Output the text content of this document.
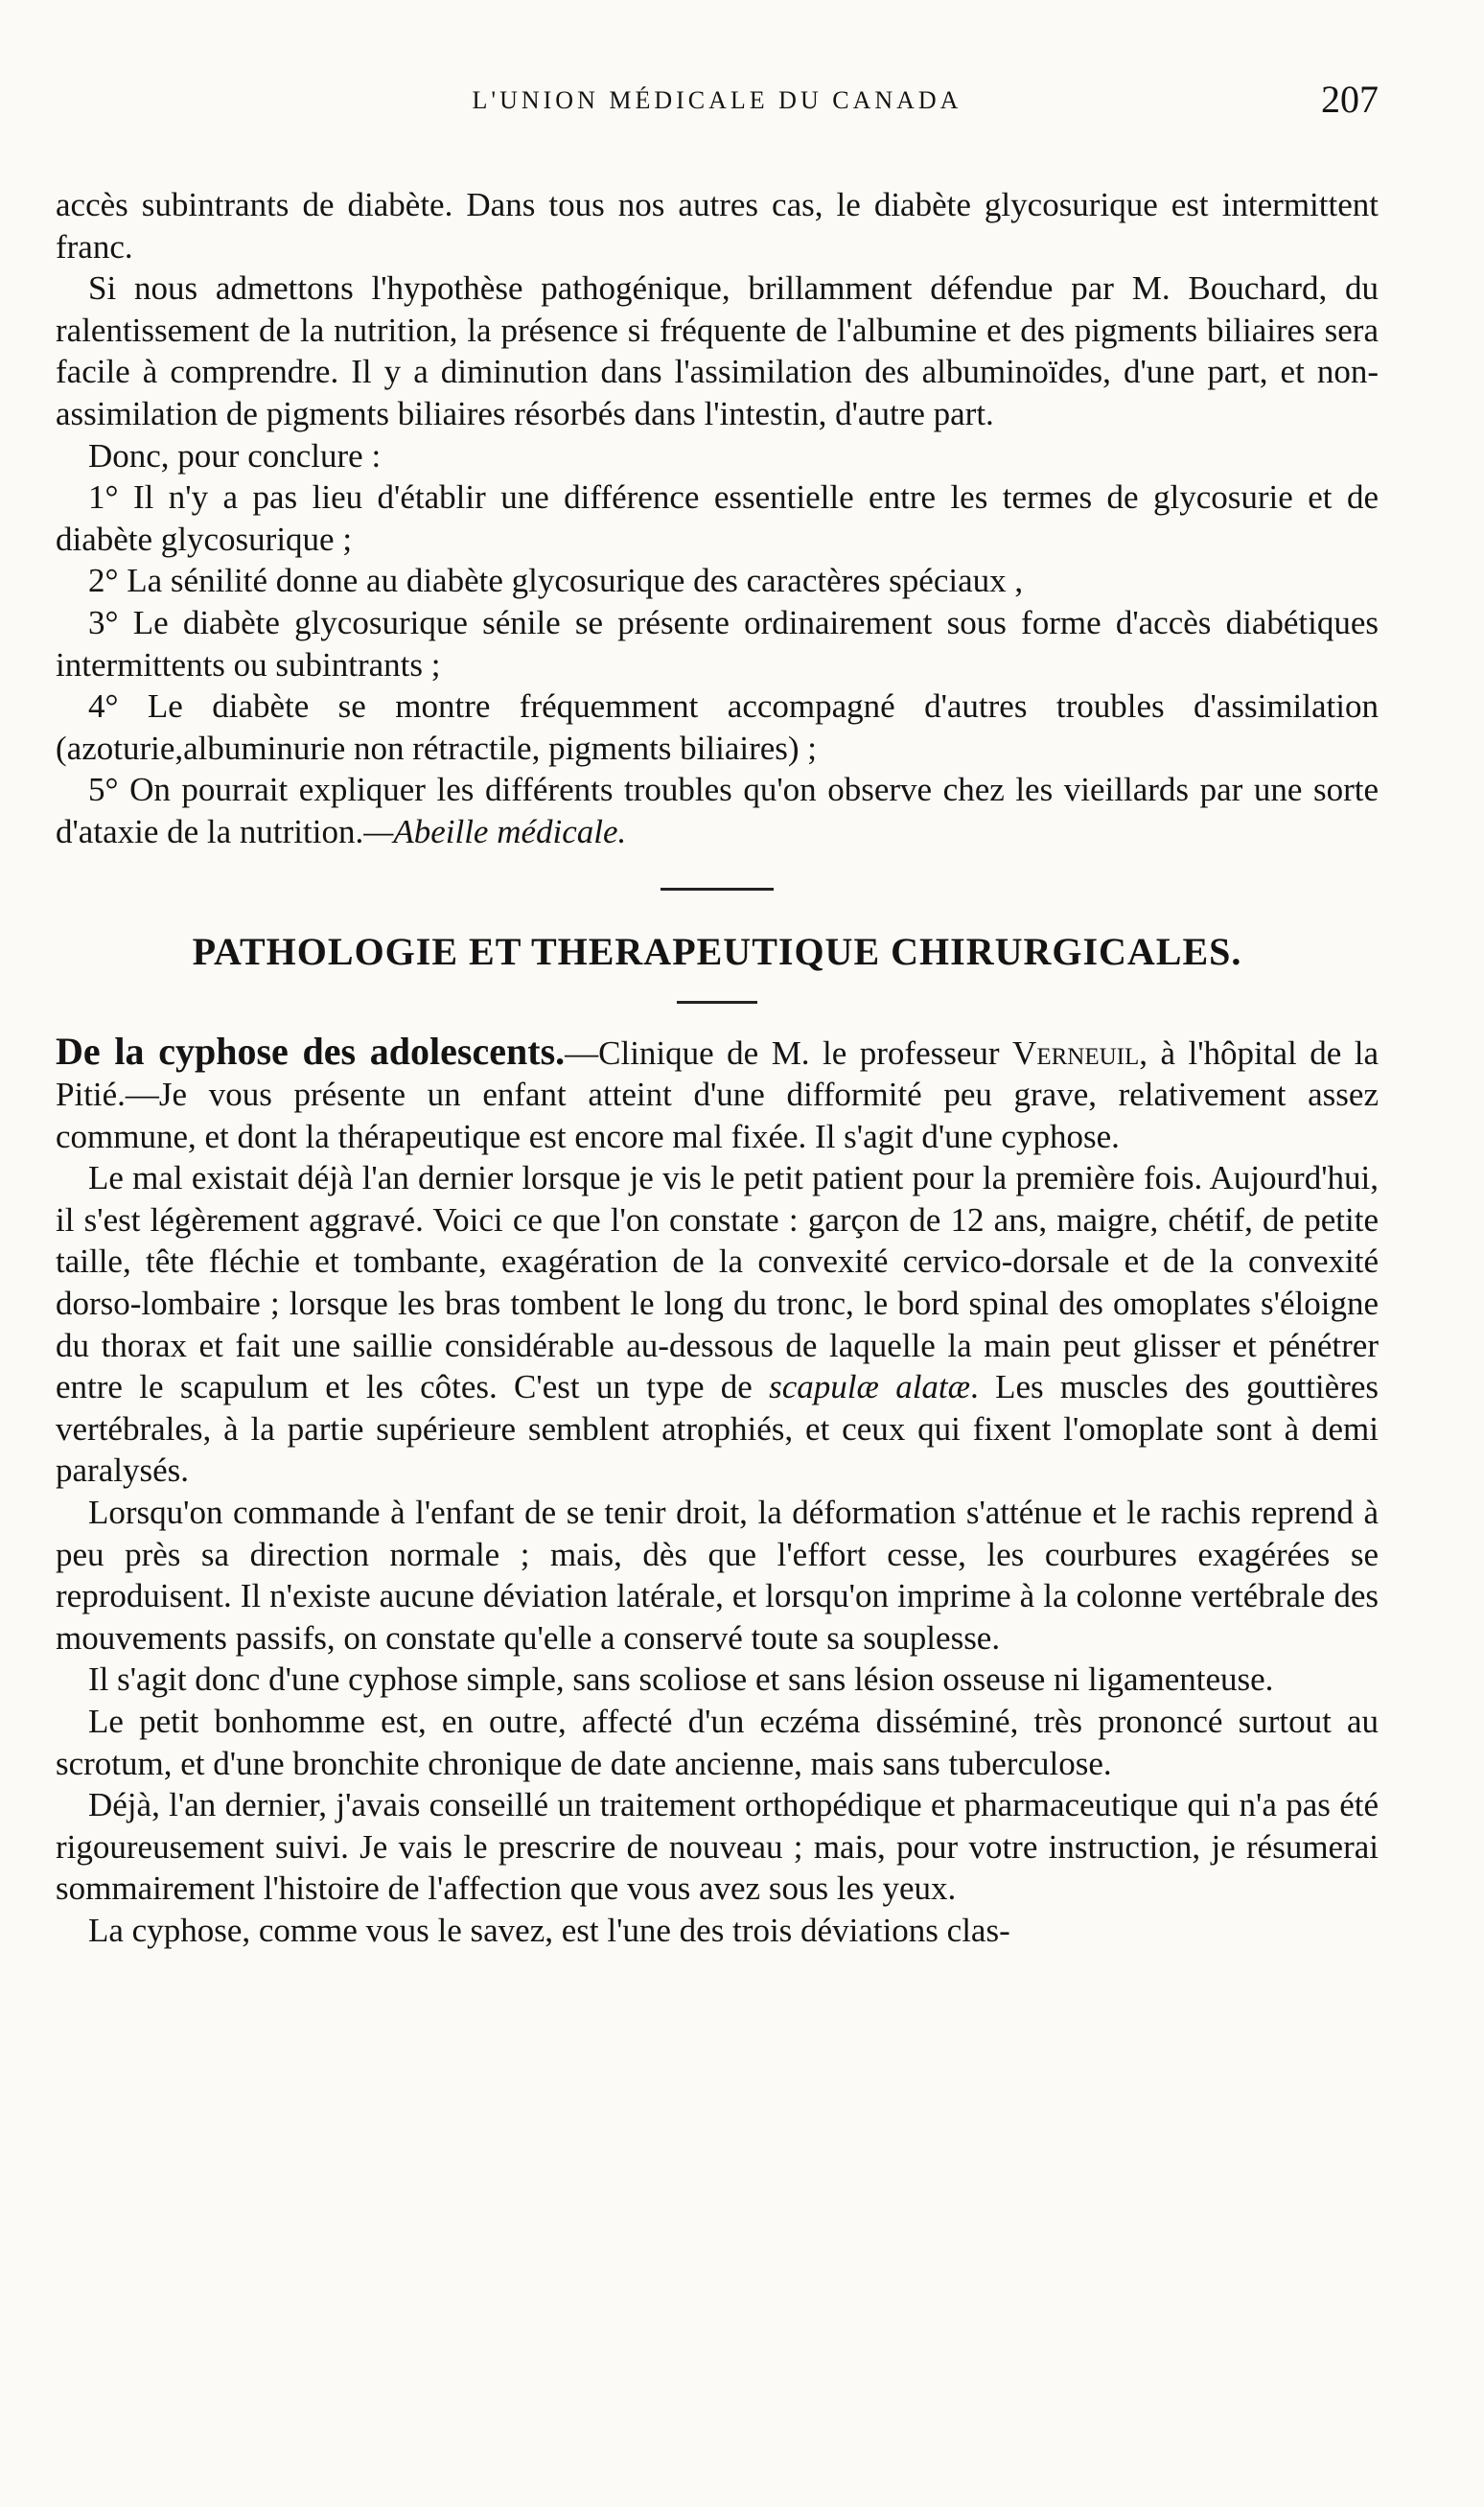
L'UNION MÉDICALE DU CANADA	207

accès subintrants de diabète. Dans tous nos autres cas, le diabète glycosurique est intermittent franc.

Si nous admettons l'hypothèse pathogénique, brillamment défendue par M. Bouchard, du ralentissement de la nutrition, la présence si fréquente de l'albumine et des pigments biliaires sera facile à comprendre. Il y a diminution dans l'assimilation des albuminoïdes, d'une part, et non-assimilation de pigments biliaires résorbés dans l'intestin, d'autre part.

Donc, pour conclure :

1° Il n'y a pas lieu d'établir une différence essentielle entre les termes de glycosurie et de diabète glycosurique ;

2° La sénilité donne au diabète glycosurique des caractères spéciaux ,

3° Le diabète glycosurique sénile se présente ordinairement sous forme d'accès diabétiques intermittents ou subintrants ;

4° Le diabète se montre fréquemment accompagné d'autres troubles d'assimilation (azoturie,albuminurie non rétractile, pigments biliaires) ;

5° On pourrait expliquer les différents troubles qu'on observe chez les vieillards par une sorte d'ataxie de la nutrition.—Abeille médicale.

PATHOLOGIE ET THERAPEUTIQUE CHIRURGICALES.

De la cyphose des adolescents.—Clinique de M. le professeur Verneuil, à l'hôpital de la Pitié.—Je vous présente un enfant atteint d'une difformité peu grave, relativement assez commune, et dont la thérapeutique est encore mal fixée. Il s'agit d'une cyphose.

Le mal existait déjà l'an dernier lorsque je vis le petit patient pour la première fois. Aujourd'hui, il s'est légèrement aggravé. Voici ce que l'on constate : garçon de 12 ans, maigre, chétif, de petite taille, tête fléchie et tombante, exagération de la convexité cervico-dorsale et de la convexité dorso-lombaire ; lorsque les bras tombent le long du tronc, le bord spinal des omoplates s'éloigne du thorax et fait une saillie considérable au-dessous de laquelle la main peut glisser et pénétrer entre le scapulum et les côtes. C'est un type de scapulæ alatæ. Les muscles des gouttières vertébrales, à la partie supérieure semblent atrophiés, et ceux qui fixent l'omoplate sont à demi paralysés.

Lorsqu'on commande à l'enfant de se tenir droit, la déformation s'atténue et le rachis reprend à peu près sa direction normale ; mais, dès que l'effort cesse, les courbures exagérées se reproduisent. Il n'existe aucune déviation latérale, et lorsqu'on imprime à la colonne vertébrale des mouvements passifs, on constate qu'elle a conservé toute sa souplesse.

Il s'agit donc d'une cyphose simple, sans scoliose et sans lésion osseuse ni ligamenteuse.

Le petit bonhomme est, en outre, affecté d'un eczéma disséminé, très prononcé surtout au scrotum, et d'une bronchite chronique de date ancienne, mais sans tuberculose.

Déjà, l'an dernier, j'avais conseillé un traitement orthopédique et pharmaceutique qui n'a pas été rigoureusement suivi. Je vais le prescrire de nouveau ; mais, pour votre instruction, je résumerai sommairement l'histoire de l'affection que vous avez sous les yeux.

La cyphose, comme vous le savez, est l'une des trois déviations clas-
